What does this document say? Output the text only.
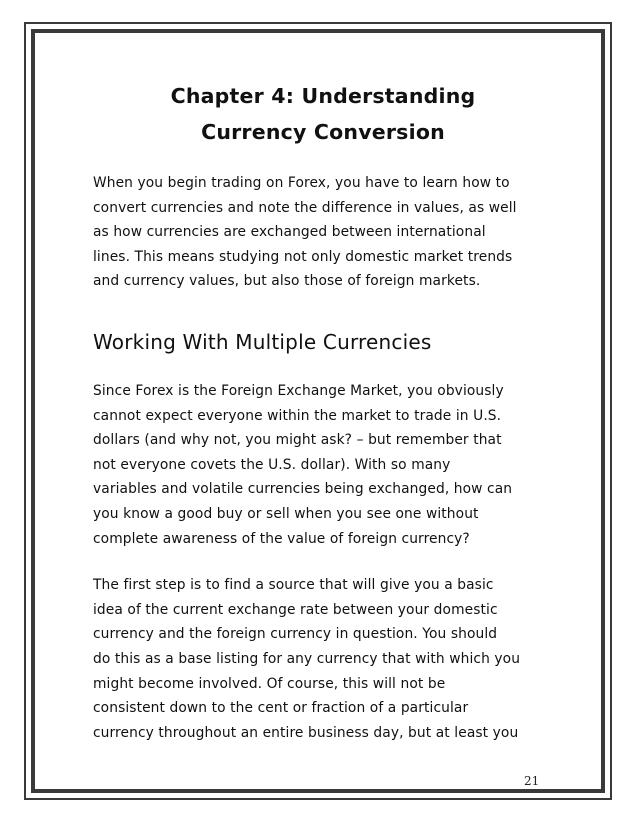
Chapter 4: Understanding
Currency Conversion

When you begin trading on Forex, you have to learn how to
convert currencies and note the difference in values, as well
as how currencies are exchanged between international
lines. This means studying not only domestic market trends
and currency values, but also those of foreign markets.

Working With Multiple Currencies

Since Forex is the Foreign Exchange Market, you obviously
cannot expect everyone within the market to trade in U.S.
dollars (and why not, you might ask? – but remember that
not everyone covets the U.S. dollar). With so many
variables and volatile currencies being exchanged, how can
you know a good buy or sell when you see one without
complete awareness of the value of foreign currency?

The first step is to find a source that will give you a basic
idea of the current exchange rate between your domestic
currency and the foreign currency in question. You should
do this as a base listing for any currency that with which you
might become involved. Of course, this will not be
consistent down to the cent or fraction of a particular
currency throughout an entire business day, but at least you

21
